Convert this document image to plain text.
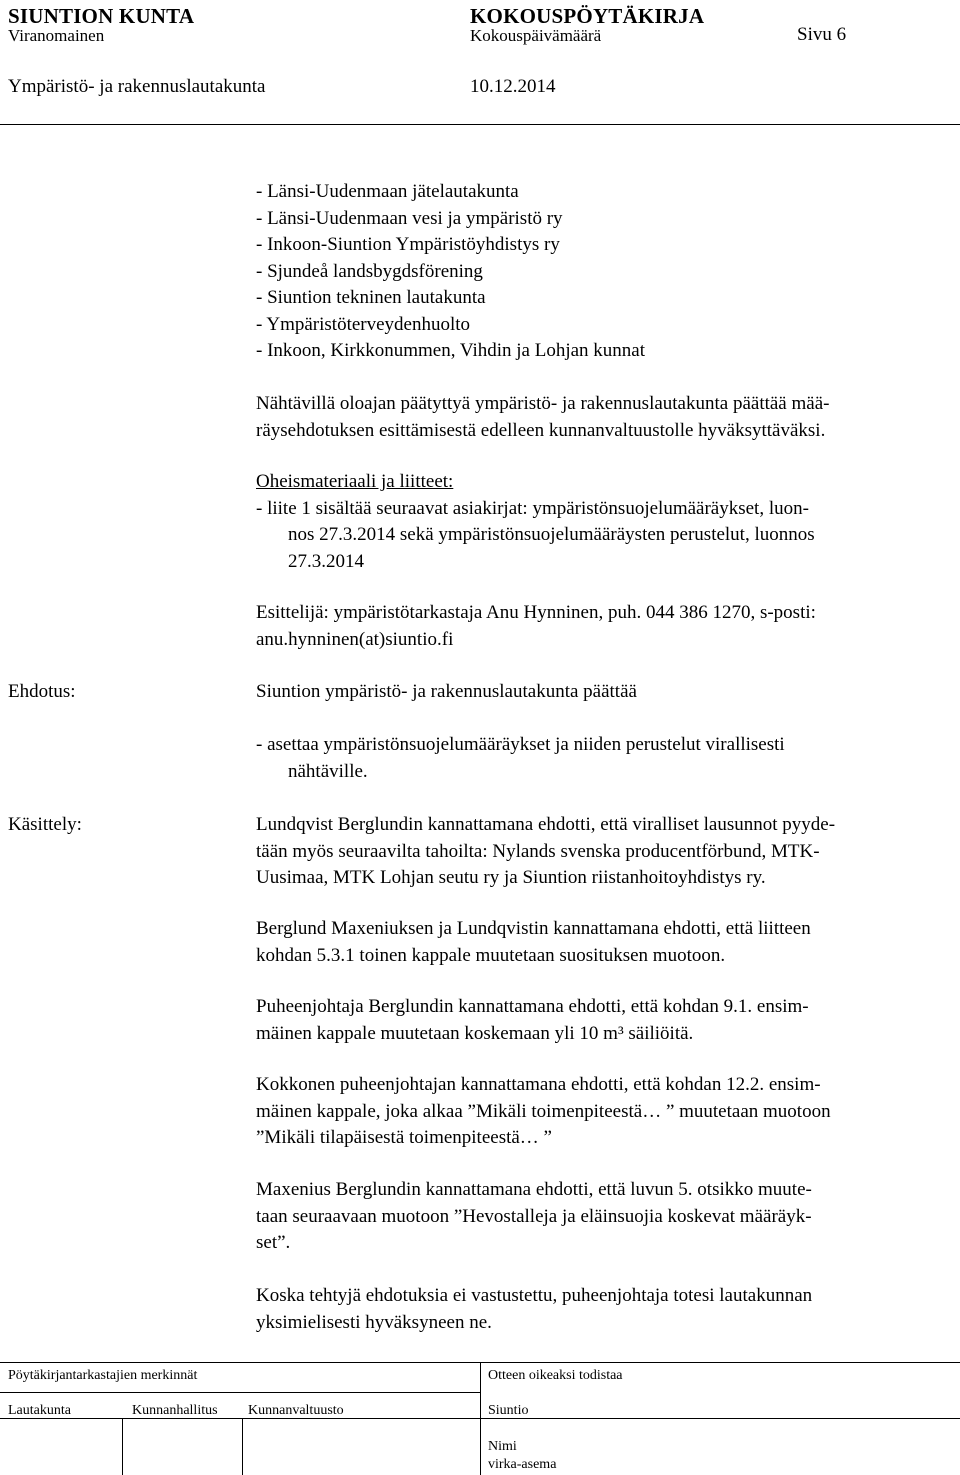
SIUNTION KUNTA	KOKOUSPÖYTÄKIRJA
Viranomainen	Kokouspäivämäärä	Sivu 6
Ympäristö- ja rakennuslautakunta	10.12.2014
- Länsi-Uudenmaan jätelautakunta
- Länsi-Uudenmaan vesi ja ympäristö ry
- Inkoon-Siuntion Ympäristöyhdistys ry
- Sjundeå landsbygdsförening
- Siuntion tekninen lautakunta
- Ympäristöterveydenhuolto
- Inkoon, Kirkkonummen, Vihdin ja Lohjan kunnat
Nähtävillä oloajan päätyttyä ympäristö- ja rakennuslautakunta päättää mää-
räysehdotuksen esittämisestä edelleen kunnanvaltuustolle hyväksyttäväksi.
Oheismateriaali ja liitteet:
- liite 1 sisältää seuraavat asiakirjat: ympäristönsuojelumääräykset, luon-
nos 27.3.2014 sekä ympäristönsuojelumääräysten perustelut, luonnos
27.3.2014
Esittelijä: ympäristötarkastaja Anu Hynninen, puh. 044 386 1270, s-posti:
anu.hynninen(at)siuntio.fi
Ehdotus:	Siuntion ympäristö- ja rakennuslautakunta päättää
- asettaa ympäristönsuojelumääräykset ja niiden perustelut virallisesti
nähtäville.
Käsittely:	Lundqvist Berglundin kannattamana ehdotti, että viralliset lausunnot pyyde-
tään myös seuraavilta tahoilta: Nylands svenska producentförbund, MTK-
Uusimaa, MTK Lohjan seutu ry ja Siuntion riistanhoitoyhdistys ry.
Berglund Maxeniuksen ja Lundqvistin kannattamana ehdotti, että liitteen
kohdan 5.3.1 toinen kappale muutetaan suosituksen muotoon.
Puheenjohtaja Berglundin kannattamana ehdotti, että kohdan 9.1. ensim-
mäinen kappale muutetaan koskemaan yli 10 m³ säiliöitä.
Kokkonen puheenjohtajan kannattamana ehdotti, että kohdan 12.2. ensim-
mäinen kappale, joka alkaa ”Mikäli toimenpiteestä… ” muutetaan muotoon
”Mikäli tilapäisestä toimenpiteestä… ”
Maxenius Berglundin kannattamana ehdotti, että luvun 5. otsikko muute-
taan seuraavaan muotoon ”Hevostalleja ja eläinsuojia koskevat määräyk-
set”.
Koska tehtyjä ehdotuksia ei vastustettu, puheenjohtaja totesi lautakunnan
yksimielisesti hyväksyneen ne.
Pöytäkirjantarkastajien merkinnät	Otteen oikeaksi todistaa
Lautakunta	Kunnanhallitus Kunnanvaltuusto	Siuntio
Nimi
virka-asema
